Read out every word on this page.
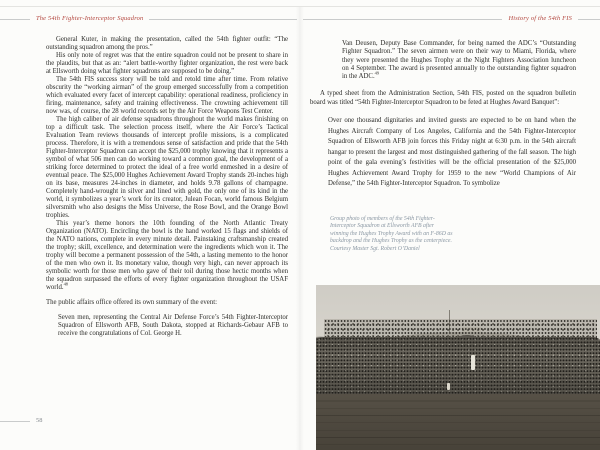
The 54th Fighter-Interceptor Squadron

General Kuter, in making the presentation, called the 54th fighter outfit: “The outstanding squadron among the pros.”

His only note of regret was that the entire squadron could not be present to share in the plaudits, but that as an: “alert battle-worthy fighter organization, the rest were back at Ellsworth doing what fighter squadrons are supposed to be doing.”

The 54th FIS success story will be told and retold time after time. From relative obscurity the “working airman” of the group emerged successfully from a competition which evaluated every facet of intercept capability: operational readiness, proficiency in firing, maintenance, safety and training effectiveness. The crowning achievement till now was, of course, the 28 world records set by the Air Force Weapons Test Center.

The high caliber of air defense squadrons throughout the world makes finishing on top a difficult task. The selection process itself, where the Air Force’s Tactical Evaluation Team reviews thousands of intercept profile missions, is a complicated process. Therefore, it is with a tremendous sense of satisfaction and pride that the 54th Fighter-Interceptor Squadron can accept the $25,000 trophy knowing that it represents a symbol of what 506 men can do working toward a common goal, the development of a striking force determined to protect the ideal of a free world enmeshed in a desire of eventual peace. The $25,000 Hughes Achievement Award Trophy stands 20-inches high on its base, measures 24-inches in diameter, and holds 9.78 gallons of champagne. Completely hand-wrought in silver and lined with gold, the only one of its kind in the world, it symbolizes a year’s work for its creator, Julean Focan, world famous Belgium silversmith who also designs the Miss Universe, the Rose Bowl, and the Orange Bowl trophies.

This year’s theme honors the 10th founding of the North Atlantic Treaty Organization (NATO). Encircling the bowl is the hand worked 15 flags and shields of the NATO nations, complete in every minute detail. Painstaking craftsmanship created the trophy; skill, excellence, and determination were the ingredients which won it. The trophy will become a permanent possession of the 54th, a lasting memento to the honor of the men who own it. Its monetary value, though very high, can never approach its symbolic worth for those men who gave of their toil during those hectic months when the squadron surpassed the efforts of every fighter organization throughout the USAF world.$^{48}$

The public affairs office offered its own summary of the event:

Seven men, representing the Central Air Defense Force’s 54th Fighter-Interceptor Squadron of Ellsworth AFB, South Dakota, stopped at Richards-Gebaur AFB to receive the congratulations of Col. George H.

58
History of the 54th FIS

Van Deusen, Deputy Base Commander, for being named the ADC’s “Outstanding Fighter Squadron.” The seven airmen were on their way to Miami, Florida, where they were presented the Hughes Trophy at the Night Fighters Association luncheon on 4 September. The award is presented annually to the outstanding fighter squadron in the ADC.$^{49}$

A typed sheet from the Administration Section, 54th FIS, posted on the squadron bulletin board was titled “54th Fighter-Interceptor Squadron to be feted at Hughes Award Banquet”:

Over one thousand dignitaries and invited guests are expected to be on hand when the Hughes Aircraft Company of Los Angeles, California and the 54th Fighter-Interceptor Squadron of Ellsworth AFB join forces this Friday night at 6:30 p.m. in the 54th aircraft hangar to present the largest and most distinguished gathering of the fall season. The high point of the gala evening’s festivities will be the official presentation of the $25,000 Hughes Achievement Award Trophy for 1959 to the new “World Champions of Air Defense,” the 54th Fighter-Interceptor Squadron. To symbolize

Group photo of members of the 54th Fighter-Interceptor Squadron at Ellsworth AFB after winning the Hughes Trophy Award with an F-86D as backdrop and the Hughes Trophy as the centerpiece. Courtesy Master Sgt. Robert O’Daniel
